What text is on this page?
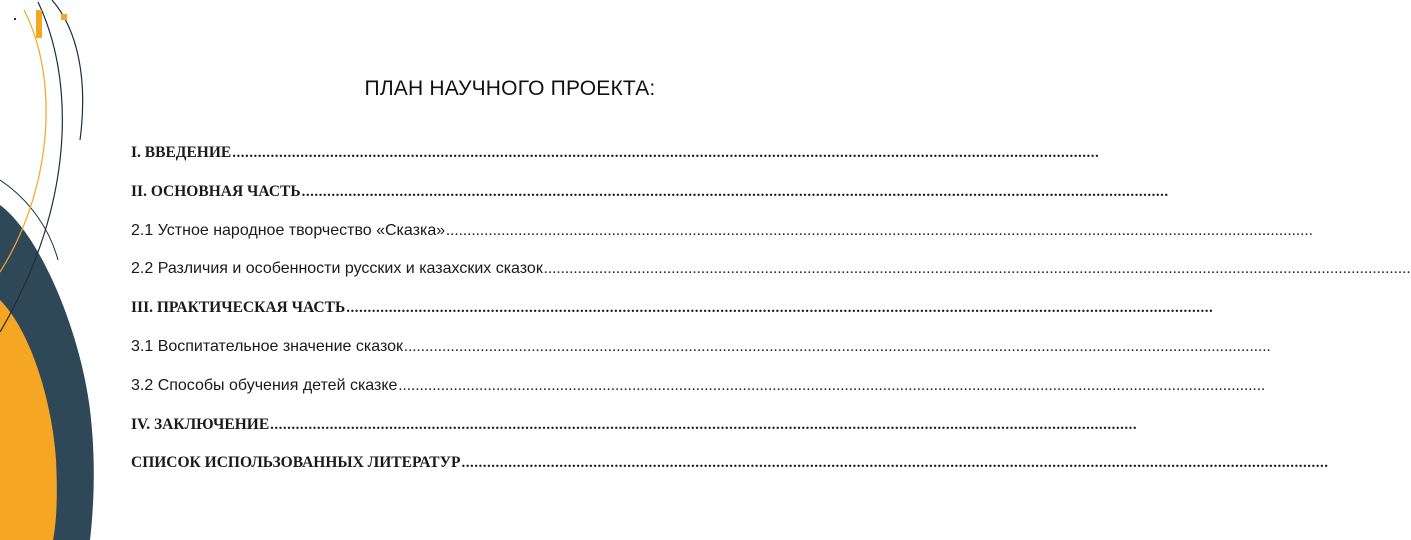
ПЛАН НАУЧНОГО ПРОЕКТА:
I. ВВЕДЕНИЕ ............................................................................................................................................................................................................
II. ОСНОВНАЯ ЧАСТЬ ............................................................................................................................................................................................................
2.1 Устное народное творчество «Сказка» ............................................................................................................................................................................................................
2.2 Различия и особенности русских и казахских сказок ............................................................................................................................................................................................................
III. ПРАКТИЧЕСКАЯ ЧАСТЬ ............................................................................................................................................................................................................
3.1 Воспитательное значение сказок ............................................................................................................................................................................................................
3.2 Способы обучения детей сказке ............................................................................................................................................................................................................
IV. ЗАКЛЮЧЕНИЕ ............................................................................................................................................................................................................
СПИСОК ИСПОЛЬЗОВАННЫХ ЛИТЕРАТУР ............................................................................................................................................................................................................
